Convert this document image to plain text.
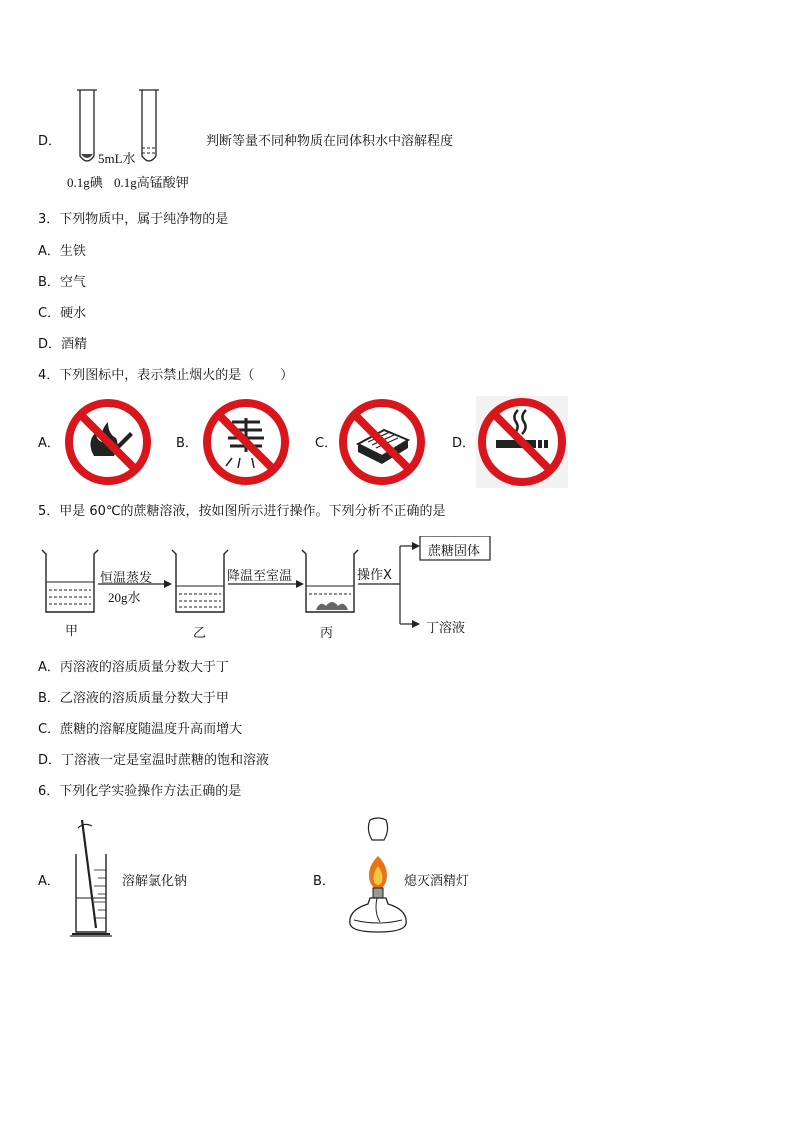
D．
5mL水
0.1g碘 0.1g高锰酸钾
判断等量不同种物质在同体积水中溶解程度
3．下列物质中，属于纯净物的是
A．生铁
B．空气
C．硬水
D．酒精
4．下列图标中，表示禁止烟火的是（　　）
A．	B．	C．	D．
5．甲是 60℃的蔗糖溶液，按如图所示进行操作。下列分析不正确的是
恒温蒸发
20g水
降温至室温	操作X
蔗糖固体
丁溶液
甲	乙	丙
A．丙溶液的溶质质量分数大于丁
B．乙溶液的溶质质量分数大于甲
C．蔗糖的溶解度随温度升高而增大
D．丁溶液一定是室温时蔗糖的饱和溶液
6．下列化学实验操作方法正确的是
A．	溶解氯化钠	B．	熄灭酒精灯
